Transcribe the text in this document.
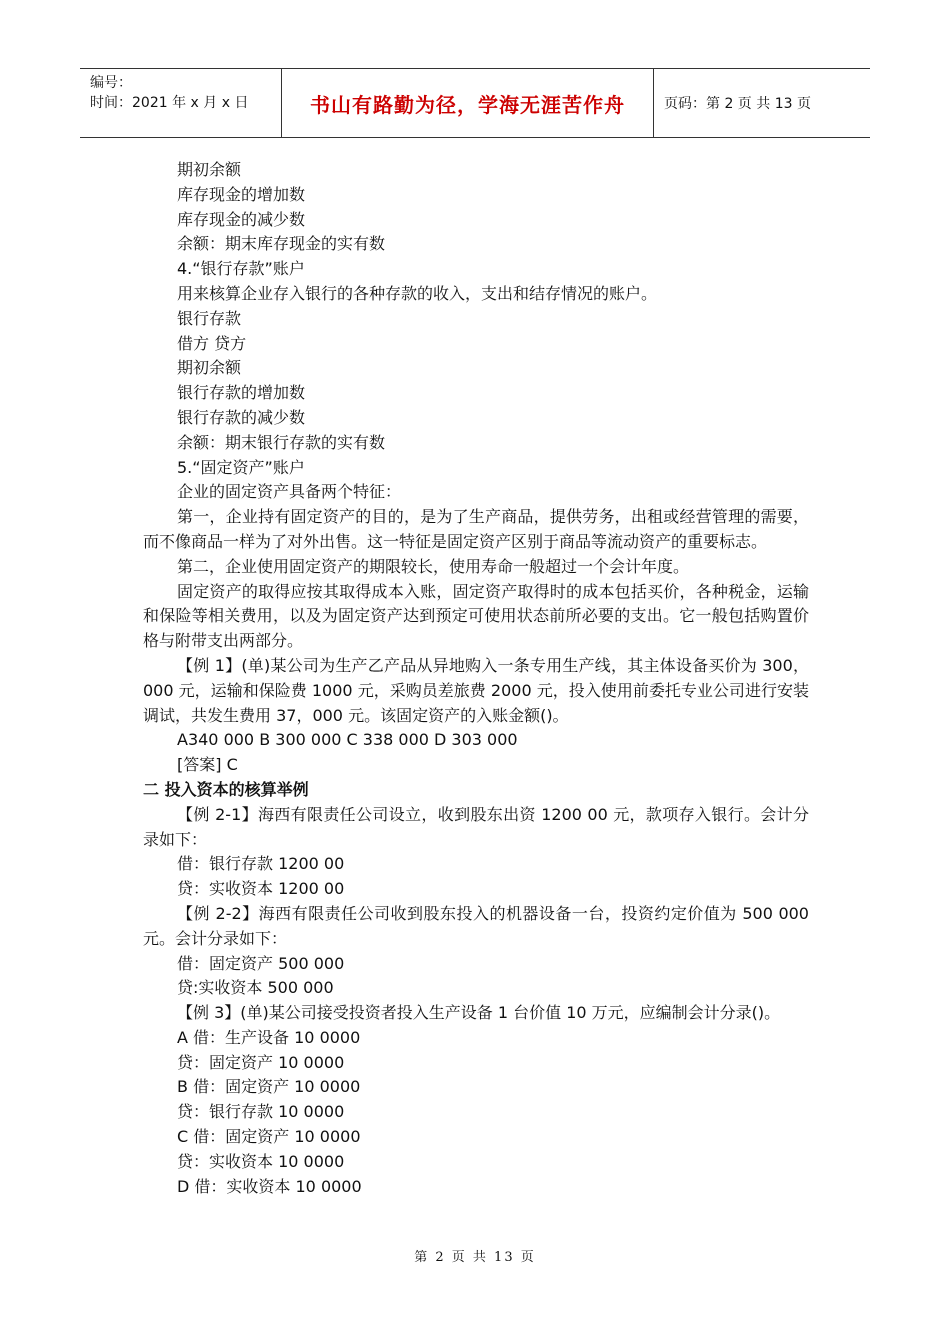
编号：
时间：2021 年 x 月 x 日	书山有路勤为径，学海无涯苦作舟	页码：第 2 页 共 13 页

期初余额

库存现金的增加数

库存现金的减少数

余额：期末库存现金的实有数

4.“银行存款”账户

用来核算企业存入银行的各种存款的收入，支出和结存情况的账户。

银行存款

借方 贷方

期初余额

银行存款的增加数

银行存款的减少数

余额：期末银行存款的实有数

5.“固定资产”账户

企业的固定资产具备两个特征：

第一，企业持有固定资产的目的，是为了生产商品，提供劳务，出租或经营管理的需要，而不像商品一样为了对外出售。这一特征是固定资产区别于商品等流动资产的重要标志。

第二，企业使用固定资产的期限较长，使用寿命一般超过一个会计年度。

固定资产的取得应按其取得成本入账，固定资产取得时的成本包括买价，各种税金，运输和保险等相关费用，以及为固定资产达到预定可使用状态前所必要的支出。它一般包括购置价格与附带支出两部分。

【例 1】(单)某公司为生产乙产品从异地购入一条专用生产线，其主体设备买价为 300，000 元，运输和保险费 1000 元，采购员差旅费 2000 元，投入使用前委托专业公司进行安装调试，共发生费用 37，000 元。该固定资产的入账金额()。

A340 000 B 300 000 C 338 000 D 303 000

[答案] C

二 投入资本的核算举例

【例 2-1】海西有限责任公司设立，收到股东出资 1200 00 元，款项存入银行。会计分录如下：

借：银行存款 1200 00

贷：实收资本 1200 00

【例 2-2】海西有限责任公司收到股东投入的机器设备一台，投资约定价值为 500 000 元。会计分录如下：

借：固定资产 500 000

贷:实收资本 500 000

【例 3】(单)某公司接受投资者投入生产设备 1 台价值 10 万元，应编制会计分录()。

A 借：生产设备 10 0000

贷：固定资产 10 0000

B 借：固定资产 10 0000

贷：银行存款 10 0000

C 借：固定资产 10 0000

贷：实收资本 10 0000

D 借：实收资本 10 0000

第 2 页 共 13 页
